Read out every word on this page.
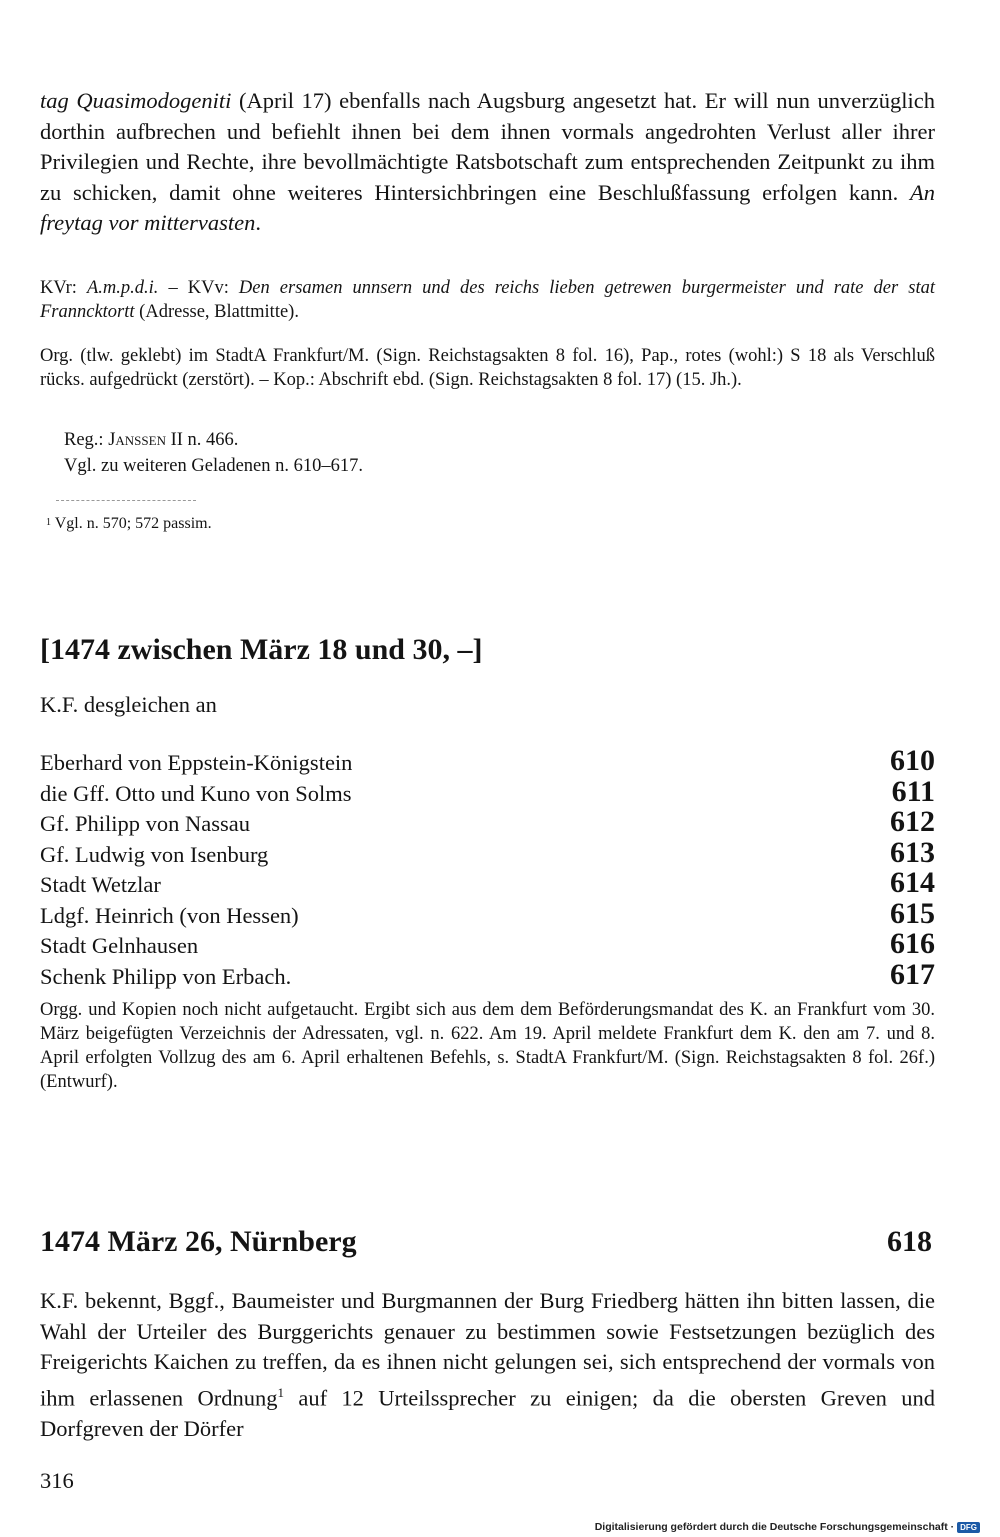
tag Quasimodogeniti (April 17) ebenfalls nach Augsburg angesetzt hat. Er will nun unverzüglich dorthin aufbrechen und befiehlt ihnen bei dem ihnen vormals angedrohten Verlust aller ihrer Privilegien und Rechte, ihre bevollmächtigte Ratsbotschaft zum entsprechenden Zeitpunkt zu ihm zu schicken, damit ohne weiteres Hintersichbringen eine Beschlußfassung erfolgen kann. An freytag vor mittervasten.

KVr: A.m.p.d.i. – KVv: Den ersamen unnsern und des reichs lieben getrewen burgermeister und rate der stat Franncktortt (Adresse, Blattmitte).

Org. (tlw. geklebt) im StadtA Frankfurt/M. (Sign. Reichstagsakten 8 fol. 16), Pap., rotes (wohl:) S 18 als Verschluß rücks. aufgedrückt (zerstört). – Kop.: Abschrift ebd. (Sign. Reichstagsakten 8 fol. 17) (15. Jh.).

Reg.: Janssen II n. 466.

Vgl. zu weiteren Geladenen n. 610–617.

$^1$ Vgl. n. 570; 572 passim.
[1474 zwischen März 18 und 30, –]

K.F. desgleichen an

Eberhard von Eppstein-Königstein	610
die Gff. Otto und Kuno von Solms	611
Gf. Philipp von Nassau	612
Gf. Ludwig von Isenburg	613
Stadt Wetzlar	614
Ldgf. Heinrich (von Hessen)	615
Stadt Gelnhausen	616
Schenk Philipp von Erbach.	617

Orgg. und Kopien noch nicht aufgetaucht. Ergibt sich aus dem dem Beförderungsmandat des K. an Frankfurt vom 30. März beigefügten Verzeichnis der Adressaten, vgl. n. 622. Am 19. April meldete Frankfurt dem K. den am 7. und 8. April erfolgten Vollzug des am 6. April erhaltenen Befehls, s. StadtA Frankfurt/M. (Sign. Reichstagsakten 8 fol. 26f.) (Entwurf).

1474 März 26, Nürnberg	618

K.F. bekennt, Bggf., Baumeister und Burgmannen der Burg Friedberg hätten ihn bitten lassen, die Wahl der Urteiler des Burggerichts genauer zu bestimmen sowie Festsetzungen bezüglich des Freigerichts Kaichen zu treffen, da es ihnen nicht gelungen sei, sich entsprechend der vormals von ihm erlassenen Ordnung$^1$ auf 12 Urteilssprecher zu einigen; da die obersten Greven und Dorfgreven der Dörfer

316
Digitalisierung gefördert durch die Deutsche Forschungsgemeinschaft · DFG
